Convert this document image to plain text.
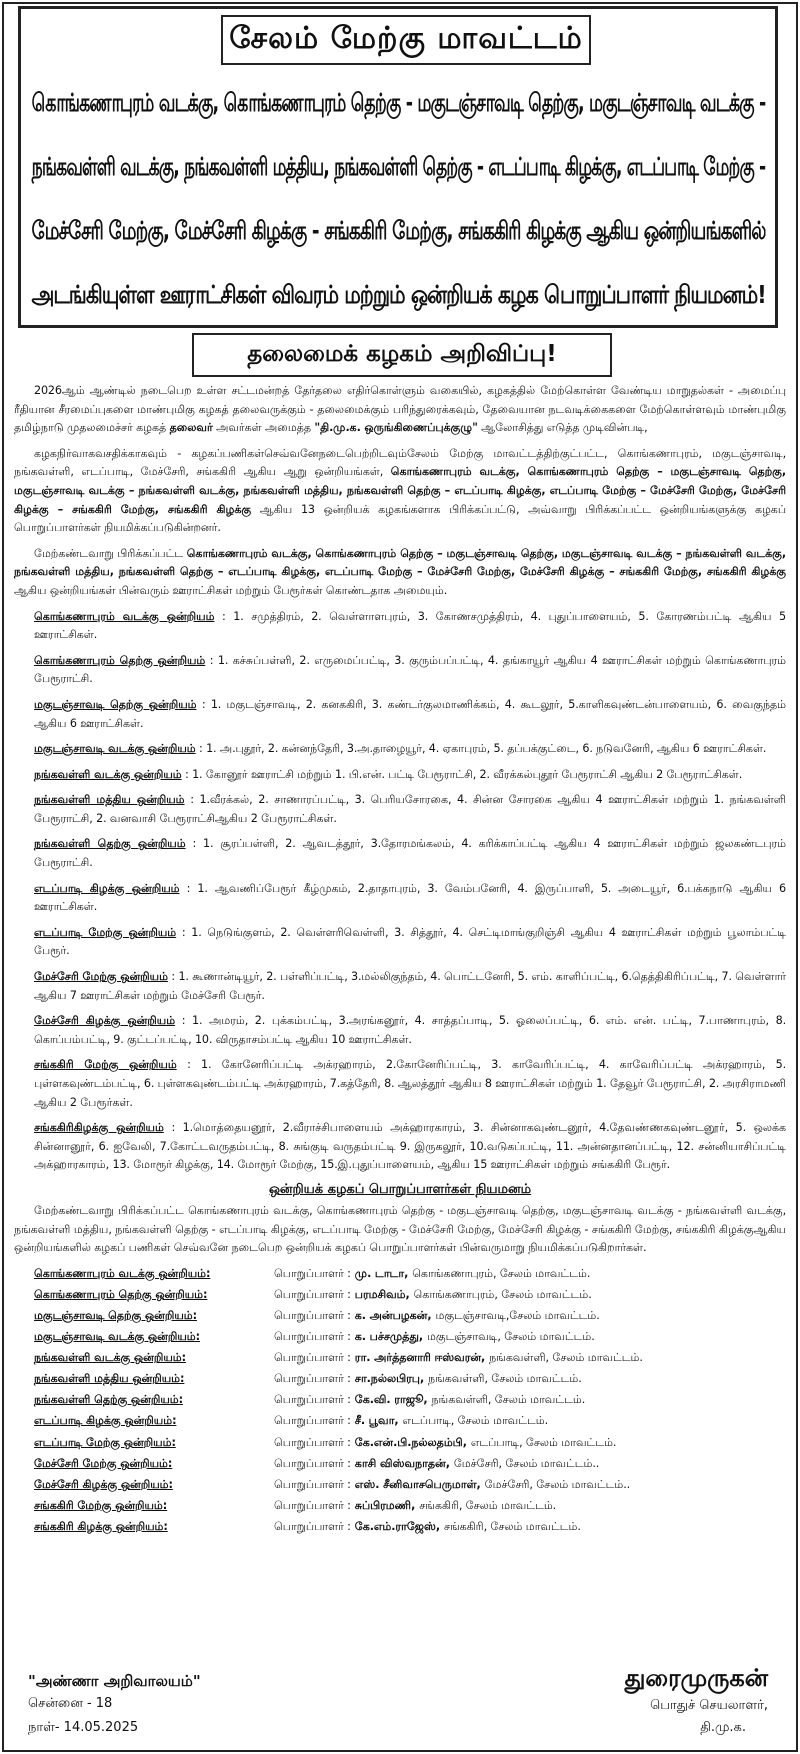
சேலம் மேற்கு மாவட்டம்
கொங்கணாபுரம் வடக்கு, கொங்கணாபுரம் தெற்கு - மகுடஞ்சாவடி தெற்கு, மகுடஞ்சாவடி வடக்கு -
நங்கவள்ளி வடக்கு, நங்கவள்ளி மத்திய, நங்கவள்ளி தெற்கு - எடப்பாடி கிழக்கு, எடப்பாடி மேற்கு -
மேச்சேரி மேற்கு, மேச்சேரி கிழக்கு - சங்ககிரி மேற்கு, சங்ககிரி கிழக்கு ஆகிய ஒன்றியங்களில்
அடங்கியுள்ள ஊராட்சிகள் விவரம் மற்றும் ஒன்றியக் கழக பொறுப்பாளர் நியமனம்!
தலைமைக் கழகம் அறிவிப்பு!

2026ஆம் ஆண்டில் நடைபெற உள்ள சட்டமன்றத் தேர்தலை எதிர்கொள்ளும் வகையில், கழகத்தில் மேற்கொள்ள வேண்டிய மாறுதல்கள் - அமைப்பு ரீதியான சீரமைப்புகளை மாண்புமிகு கழகத் தலைவருக்கும் - தலைமைக்கும் பரிந்துரைக்கவும், தேவையான நடவடிக்கைகளை மேற்கொள்ளவும் மாண்புமிகு தமிழ்நாடு முதலமைச்சர் கழகத் தலைவர் அவர்கள் அமைத்த "தி.மு.க. ஒருங்கிணைப்புக்குழு" ஆலோசித்து எடுத்த முடிவின்படி,

கழகநிர்வாகவசதிக்காகவும் - கழகப்பணிகள்செவ்வனேநடைபெற்றிடவும்சேலம் மேற்கு மாவட்டத்திற்குட்பட்ட, கொங்கணாபுரம், மகுடஞ்சாவடி, நங்கவள்ளி, எடப்பாடி, மேச்சேரி, சங்ககிரி ஆகிய ஆறு ஒன்றியங்கள், கொங்கணாபுரம் வடக்கு, கொங்கணாபுரம் தெற்கு – மகுடஞ்சாவடி தெற்கு, மகுடஞ்சாவடி வடக்கு – நங்கவள்ளி வடக்கு, நங்கவள்ளி மத்திய, நங்கவள்ளி தெற்கு – எடப்பாடி கிழக்கு, எடப்பாடி மேற்கு – மேச்சேரி மேற்கு, மேச்சேரி கிழக்கு – சங்ககிரி மேற்கு, சங்ககிரி கிழக்கு ஆகிய 13 ஒன்றியக் கழகங்களாக பிரிக்கப்பட்டு, அவ்வாறு பிரிக்கப்பட்ட ஒன்றியங்களுக்கு கழகப் பொறுப்பாளர்கள் நியமிக்கப்படுகின்றனர்.

மேற்கண்டவாறு பிரிக்கப்பட்ட கொங்கணாபுரம் வடக்கு, கொங்கணாபுரம் தெற்கு – மகுடஞ்சாவடி தெற்கு, மகுடஞ்சாவடி வடக்கு – நங்கவள்ளி வடக்கு, நங்கவள்ளி மத்திய, நங்கவள்ளி தெற்கு – எடப்பாடி கிழக்கு, எடப்பாடி மேற்கு – மேச்சேரி மேற்கு, மேச்சேரி கிழக்கு – சங்ககிரி மேற்கு, சங்ககிரி கிழக்கு ஆகிய ஒன்றியங்கள் பின்வரும் ஊராட்சிகள் மற்றும் பேரூர்கள் கொண்டதாக அமையும்.

கொங்கணாபுரம் வடக்கு ஒன்றியம் : 1. சமுத்திரம், 2. வெள்ளாளபுரம், 3. கோணசமுத்திரம், 4. புதுப்பாளையம், 5. கோரணம்பட்டி ஆகிய 5 ஊராட்சிகள்.

கொங்கணாபுரம் தெற்கு ஒன்றியம் : 1. கச்சுப்பள்ளி, 2. எருமைப்பட்டி, 3. குரும்பப்பட்டி, 4. தங்காயூர் ஆகிய 4 ஊராட்சிகள் மற்றும் கொங்கணாபுரம் பேரூராட்சி.

மகுடஞ்சாவடி தெற்கு ஒன்றியம் : 1. மகுடஞ்சாவடி, 2. கனககிரி, 3. கண்டர்குலமாணிக்கம், 4. கூடலூர், 5.காளிகவுண்டன்பாளையம், 6. வைகுந்தம் ஆகிய 6 ஊராட்சிகள்.

மகுடஞ்சாவடி வடக்கு ஒன்றியம் : 1. அ.புதூர், 2. கன்னந்தேரி, 3.அ.தாழையூர், 4. ஏகாபுரம், 5. தப்பக்குட்டை, 6. நடுவனேரி, ஆகிய 6 ஊராட்சிகள்.

நங்கவள்ளி வடக்கு ஒன்றியம் : 1. கோனூர் ஊராட்சி மற்றும் 1. பி.என். பட்டி பேரூராட்சி, 2. வீரக்கல்புதூர் பேரூராட்சி ஆகிய 2 பேரூராட்சிகள்.

நங்கவள்ளி மத்திய ஒன்றியம் : 1.வீரக்கல், 2. சாணாரப்பட்டி, 3. பெரியசோரகை, 4. சின்ன சோரகை ஆகிய 4 ஊராட்சிகள் மற்றும் 1. நங்கவள்ளி பேரூராட்சி, 2. வனவாசி பேரூராட்சிஆகிய 2 பேரூராட்சிகள்.

நங்கவள்ளி தெற்கு ஒன்றியம் : 1. சூரப்பள்ளி, 2. ஆவடத்தூர், 3.தோரமங்கலம், 4. கரிக்காப்பட்டி ஆகிய 4 ஊராட்சிகள் மற்றும் ஜலகண்டபுரம் பேரூராட்சி.

எடப்பாடி கிழக்கு ஒன்றியம் : 1. ஆவணிப்பேரூர் கீழ்முகம், 2.தாதாபுரம், 3. வேம்பனேரி, 4. இருப்பாளி, 5. அடையூர், 6.பக்கநாடு ஆகிய 6 ஊராட்சிகள்.

எடப்பாடி மேற்கு ஒன்றியம் : 1. நெடுங்குளம், 2. வெள்ளரிவெள்ளி, 3. சித்தூர், 4. செட்டிமாங்குறிஞ்சி ஆகிய 4 ஊராட்சிகள் மற்றும் பூலாம்பட்டி பேரூர்.

மேச்சேரி மேற்கு ஒன்றியம் : 1. கூணான்டியூர், 2. பள்ளிப்பட்டி, 3.மல்லிகுந்தம், 4. பொட்டனேரி, 5. எம். காளிப்பட்டி, 6.தெத்திகிரிப்பட்டி, 7. வெள்ளார் ஆகிய 7 ஊராட்சிகள் மற்றும் மேச்சேரி பேரூர்.

மேச்சேரி கிழக்கு ஒன்றியம் : 1. அமரம், 2. புக்கம்பட்டி, 3.அரங்கனூர், 4. சாத்தப்பாடி, 5. ஓலைப்பட்டி, 6. எம். என். பட்டி, 7.பாணாபுரம், 8. கொப்பம்பட்டி, 9. குட்டப்பட்டி, 10. விருதாசம்பட்டி ஆகிய 10 ஊராட்சிகள்.

சங்ககிரி மேற்கு ஒன்றியம் : 1. கோனேரிப்பட்டி அக்ரஹாரம், 2.கோனேரிப்பட்டி, 3. காவேரிப்பட்டி, 4. காவேரிப்பட்டி அக்ரஹாரம், 5. புள்ளகவுண்டம்பட்டி, 6. புள்ளகவுண்டம்பட்டி அக்ரஹாரம், 7.கத்தேரி, 8. ஆலத்தூர் ஆகிய 8 ஊராட்சிகள் மற்றும் 1. தேவூர் பேரூராட்சி, 2. அரசிராமணி ஆகிய 2 பேரூர்கள்.

சங்ககிரிகிழக்கு ஒன்றியம் : 1.மொத்தையனூர், 2.வீராச்சிபாளையம் அக்ஹாரகாரம், 3. சின்னாகவுண்டனூர், 4.தேவண்ணகவுண்டனூர், 5. ஒலக்க சின்னானூர், 6. ஐவேலி, 7.கோட்டவருதம்பட்டி, 8. சுங்குடி வருதம்பட்டி 9. இருகலூர், 10.வடுகப்பட்டி, 11. அன்னதானப்பட்டி, 12. சன்னியாசிப்பட்டி அக்ஹாரகாரம், 13. மோரூர் கிழக்கு, 14. மோரூர் மேற்கு, 15.இ.புதுப்பாளையம், ஆகிய 15 ஊராட்சிகள் மற்றும் சங்ககிரி பேரூர்.

ஒன்றியக் கழகப் பொறுப்பாளர்கள் நியமனம்

மேற்கண்டவாறு பிரிக்கப்பட்ட கொங்கணாபுரம் வடக்கு, கொங்கணாபுரம் தெற்கு - மகுடஞ்சாவடி தெற்கு, மகுடஞ்சாவடி வடக்கு - நங்கவள்ளி வடக்கு, நங்கவள்ளி மத்திய, நங்கவள்ளி தெற்கு - எடப்பாடி கிழக்கு, எடப்பாடி மேற்கு - மேச்சேரி மேற்கு, மேச்சேரி கிழக்கு - சங்ககிரி மேற்கு, சங்ககிரி கிழக்குஆகிய ஒன்றியங்களில் கழகப் பணிகள் செவ்வனே நடைபெற ஒன்றியக் கழகப் பொறுப்பாளர்கள் பின்வருமாறு நியமிக்கப்படுகிறார்கள்.

கொங்கணாபுரம் வடக்கு ஒன்றியம்:	பொறுப்பாளர் : மு. டாடா, கொங்கணாபுரம், சேலம் மாவட்டம்.
கொங்கணாபுரம் தெற்கு ஒன்றியம்:	பொறுப்பாளர் : பரமசிவம், கொங்கணாபுரம், சேலம் மாவட்டம்.
மகுடஞ்சாவடி தெற்கு ஒன்றியம்:	பொறுப்பாளர் : க. அன்பழகன், மகுடஞ்சாவடி,சேலம் மாவட்டம்.
மகுடஞ்சாவடி வடக்கு ஒன்றியம்:	பொறுப்பாளர் : க. பச்சமுத்து, மகுடஞ்சாவடி, சேலம் மாவட்டம்.
நங்கவள்ளி வடக்கு ஒன்றியம்:	பொறுப்பாளர் : ரா. அர்த்தனாரி ஈஸ்வரன், நங்கவள்ளி, சேலம் மாவட்டம்.
நங்கவள்ளி மத்திய ஒன்றியம்:	பொறுப்பாளர் : சா.நல்லபிரபு, நங்கவள்ளி, சேலம் மாவட்டம்.
நங்கவள்ளி தெற்கு ஒன்றியம்:	பொறுப்பாளர் : கே.வி. ராஜூ, நங்கவள்ளி, சேலம் மாவட்டம்.
எடப்பாடி கிழக்கு ஒன்றியம்:	பொறுப்பாளர் : சீ. பூவா, எடப்பாடி, சேலம் மாவட்டம்.
எடப்பாடி மேற்கு ஒன்றியம்:	பொறுப்பாளர் : கே.என்.பி.நல்லதம்பி, எடப்பாடி, சேலம் மாவட்டம்.
மேச்சேரி மேற்கு ஒன்றியம்:	பொறுப்பாளர் : காசி விஸ்வநாதன், மேச்சேரி, சேலம் மாவட்டம்..
மேச்சேரி கிழக்கு ஒன்றியம்:	பொறுப்பாளர் : எஸ். சீனிவாசபெருமாள், மேச்சேரி, சேலம் மாவட்டம்..
சங்ககிரி மேற்கு ஒன்றியம்:	பொறுப்பாளர் : சுப்பிரமணி, சங்ககிரி, சேலம் மாவட்டம்.
சங்ககிரி கிழக்கு ஒன்றியம்:	பொறுப்பாளர் : கே.எம்.ராஜேஸ், சங்ககிரி, சேலம் மாவட்டம்.
"அண்ணா அறிவாலயம்"
சென்னை - 18
நாள்- 14.05.2025
துரைமுருகன்
பொதுச் செயலாளர்,
தி.மு.க.
